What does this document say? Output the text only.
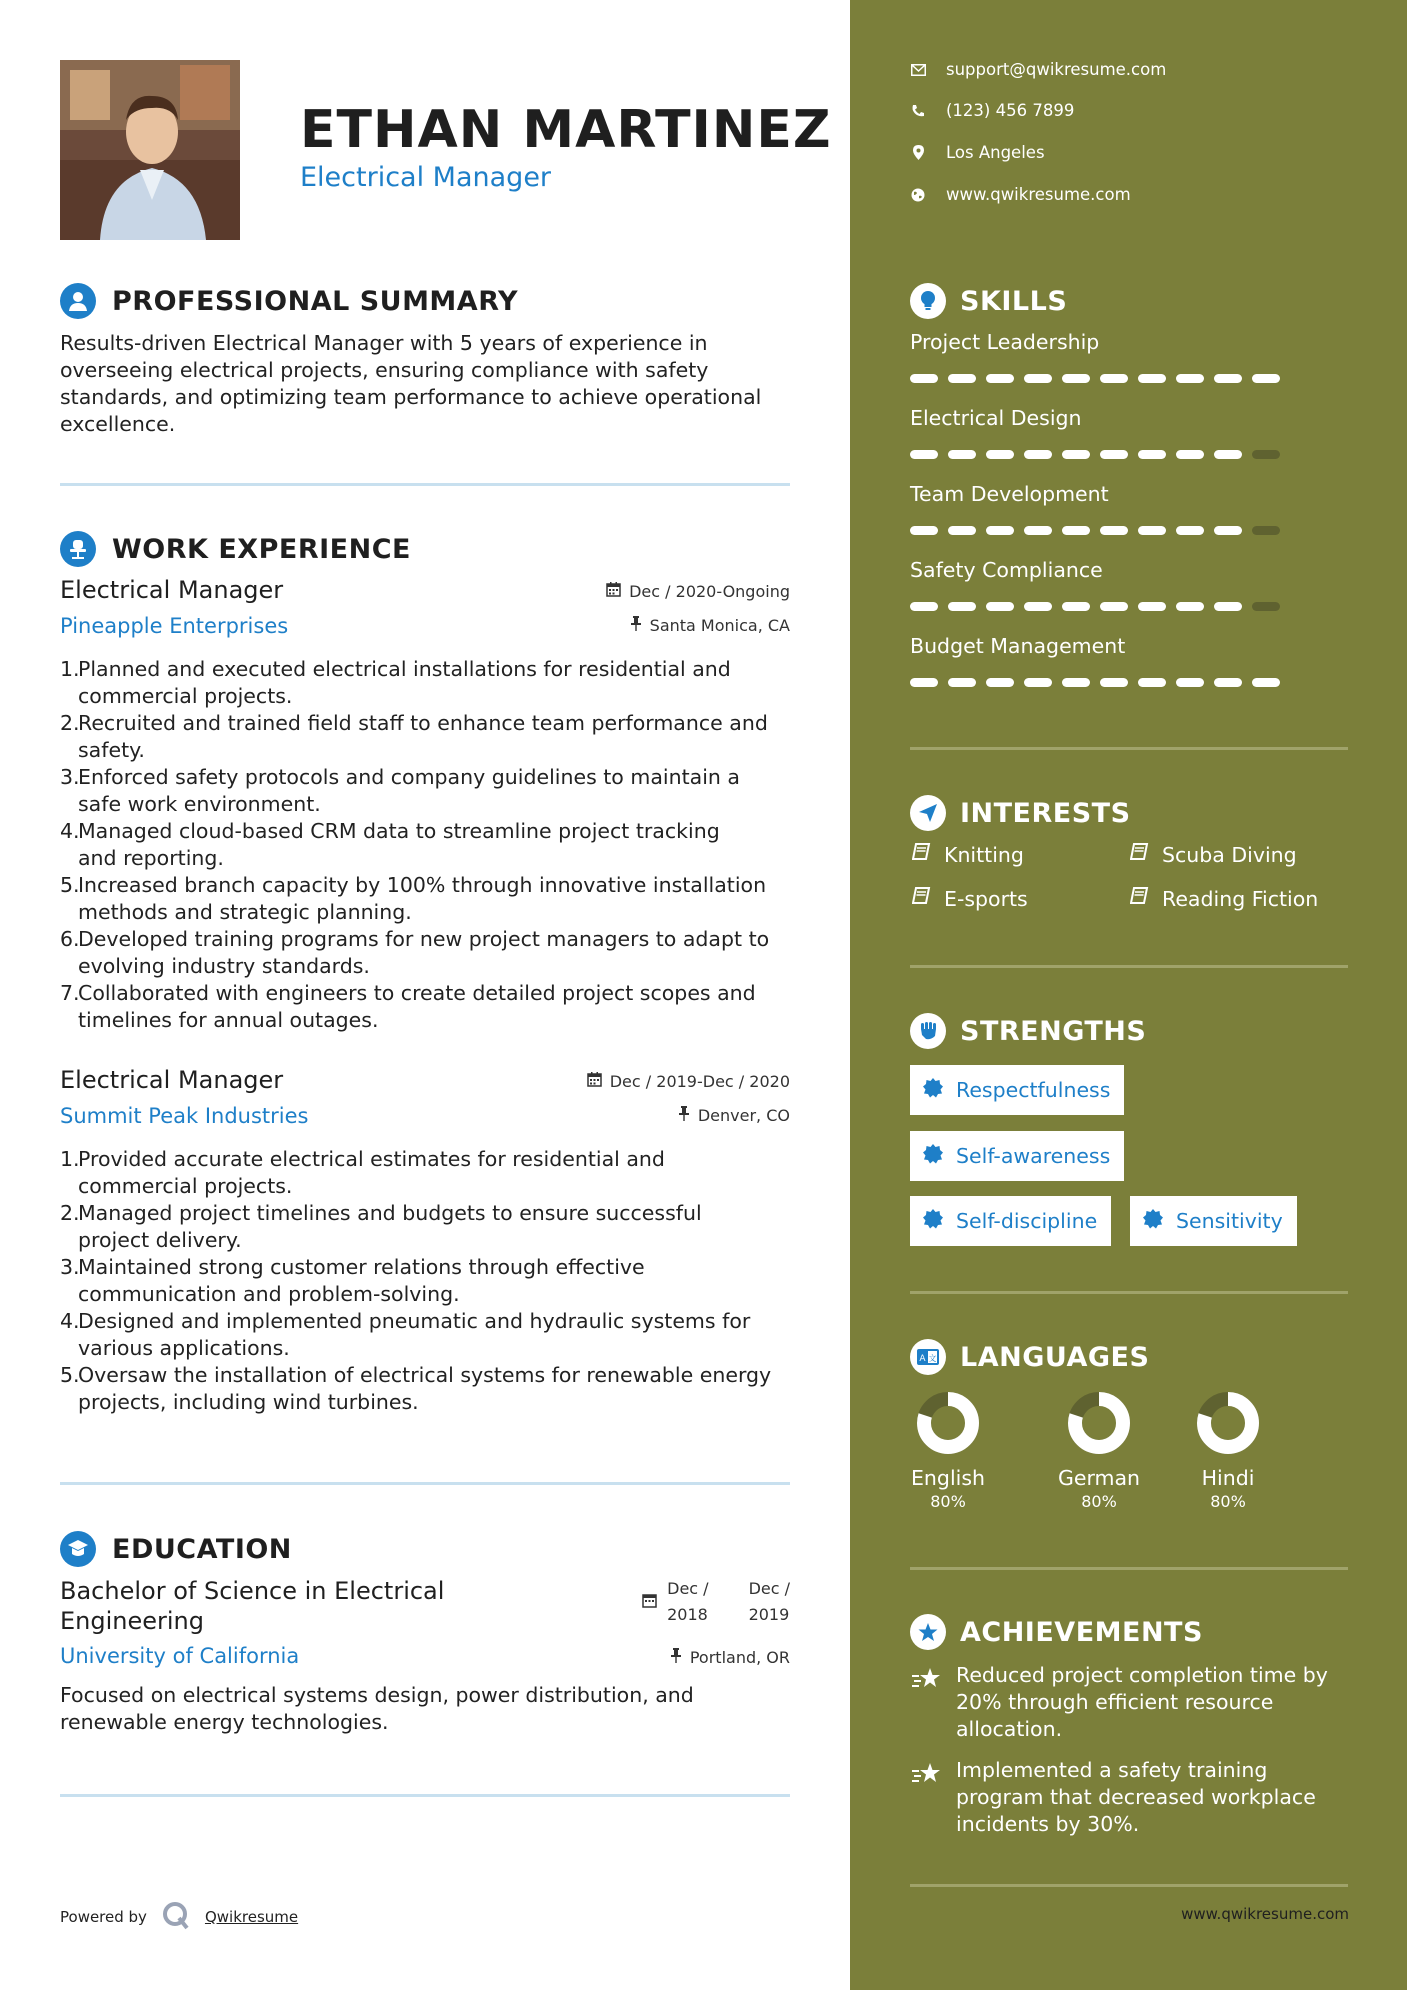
ETHAN MARTINEZ
Electrical Manager
PROFESSIONAL SUMMARY
Results-driven Electrical Manager with 5 years of experience in
overseeing electrical projects, ensuring compliance with safety
standards, and optimizing team performance to achieve operational
excellence.
WORK EXPERIENCE
Electrical Manager
Pineapple Enterprises
Dec / 2020-Ongoing
Santa Monica, CA
1.
Planned and executed electrical installations for residential and
commercial projects.
2.
Recruited and trained field staff to enhance team performance and
safety.
3.
Enforced safety protocols and company guidelines to maintain a
safe work environment.
4.
Managed cloud-based CRM data to streamline project tracking
and reporting.
5.
Increased branch capacity by 100% through innovative installation
methods and strategic planning.
6.
Developed training programs for new project managers to adapt to
evolving industry standards.
7.
Collaborated with engineers to create detailed project scopes and
timelines for annual outages.
Electrical Manager
Summit Peak Industries
Dec / 2019-Dec / 2020
Denver, CO
1.
Provided accurate electrical estimates for residential and
commercial projects.
2.
Managed project timelines and budgets to ensure successful
project delivery.
3.
Maintained strong customer relations through effective
communication and problem-solving.
4.
Designed and implemented pneumatic and hydraulic systems for
various applications.
5.
Oversaw the installation of electrical systems for renewable energy
projects, including wind turbines.
EDUCATION
Bachelor of Science in Electrical
Engineering
University of California
Dec /
2018
Dec /
2019
Portland, OR
Focused on electrical systems design, power distribution, and
renewable energy technologies.
Powered by	Qwikresume
support@qwikresume.com
(123) 456 7899
Los Angeles
www.qwikresume.com
SKILLS
Project Leadership
Electrical Design
Team Development
Safety Compliance
Budget Management
INTERESTS
Knitting	Scuba Diving
E-sports	Reading Fiction
STRENGTHS
Respectfulness
Self-awareness
Self-discipline	Sensitivity
A 文 LANGUAGES
English
80%
German
80%
Hindi
80%
ACHIEVEMENTS
Reduced project completion time by
20% through efficient resource
allocation.
Implemented a safety training
program that decreased workplace
incidents by 30%.
www.qwikresume.com
